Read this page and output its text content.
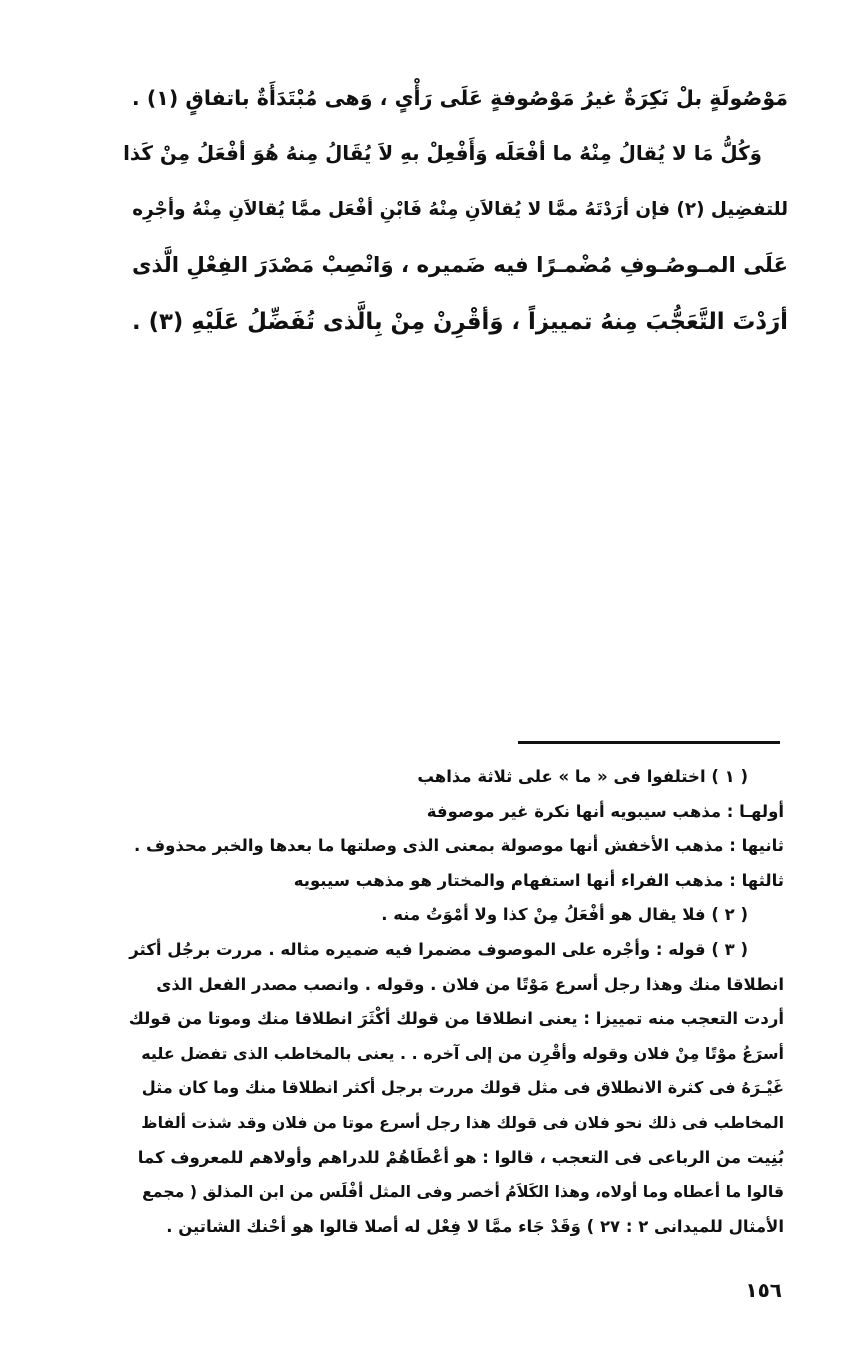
مَوْصُولَةٍ بلْ نَكِرَةٌ غيرُ مَوْصُوفةٍ عَلَى رَأْىٍ ، وَهى مُبْتَدَأَةٌ باتفاقٍ (١) .
وَكُلُّ مَا لا يُقالُ مِنْهُ ما أفْعَلَه وَأَفْعِلْ بهِ لاَ يُقَالُ مِنهُ هُوَ أفْعَلُ مِنْ كَذا
للتفضِيل (٢) فإن أرَدْتَهُ ممَّا لا يُقالاَنِ مِنْهُ فَابْنِ أفْعَل ممَّا يُقالاَنِ مِنْهُ وأجْرِه
عَلَى المـوصُـوفِ مُضْمـرًا فيه ضَميره ، وَانْصِبْ مَصْدَرَ الفِعْلِ الَّذى
أرَدْتَ التَّعَجُّبَ مِنهُ تمييزاً ، وَأقْرِنْ مِنْ بِالَّذى تُفَضِّلُ عَلَيْهِ (٣) .
( ١ ) اختلفوا فى « ما » على ثلاثة مذاهب
أولهـا : مذهب سيبويه أنها نكرة غير موصوفة
ثانيها : مذهب الأخفش أنها موصولة بمعنى الذى وصلتها ما بعدها والخبر محذوف .
ثالثها : مذهب الفراء أنها استفهام والمختار هو مذهب سيبويه
( ٢ ) فلا يقال هو أفْعَلُ مِنْ كذا ولا أمْوَتُ منه .
( ٣ ) قوله : وأجْره على الموصوف مضمرا فيه ضميره مثاله . مررت برجُل أكثر
انطلاقا منك وهذا رجل أسرع مَوْتًا من فلان . وقوله . وانصب مصدر الفعل الذى
أردت التعجب منه تمييزا : يعنى انطلاقا من قولك أكْثَرَ انطلاقا منك وموتا من قولك
أسرَعُ موْتًا مِنْ فلان وقوله وأقْرِن من إلى آخره . . يعنى بالمخاطب الذى تفضل عليه
غَيْـرَهُ فى كثرة الانطلاق فى مثل قولك مررت برجل أكثر انطلاقا منك وما كان مثل
المخاطب فى ذلك نحو فلان فى قولك هذا رجل أسرع موتا من فلان وقد شذت ألفاظ
بُنِيت من الرباعى فى التعجب ، قالوا : هو أعْطَاهُمْ للدراهم وأولاهم للمعروف كما
قالوا ما أعطاه وما أولاه، وهذا الكَلاَمُ أخصر وفى المثل أفْلَس من ابن المذلق ( مجمع
الأمثال للميدانى ٢ : ٢٧ ) وَقَدْ جَاء ممَّا لا فِعْل له أصلا قالوا هو أحْنك الشاتين .
١٥٦
